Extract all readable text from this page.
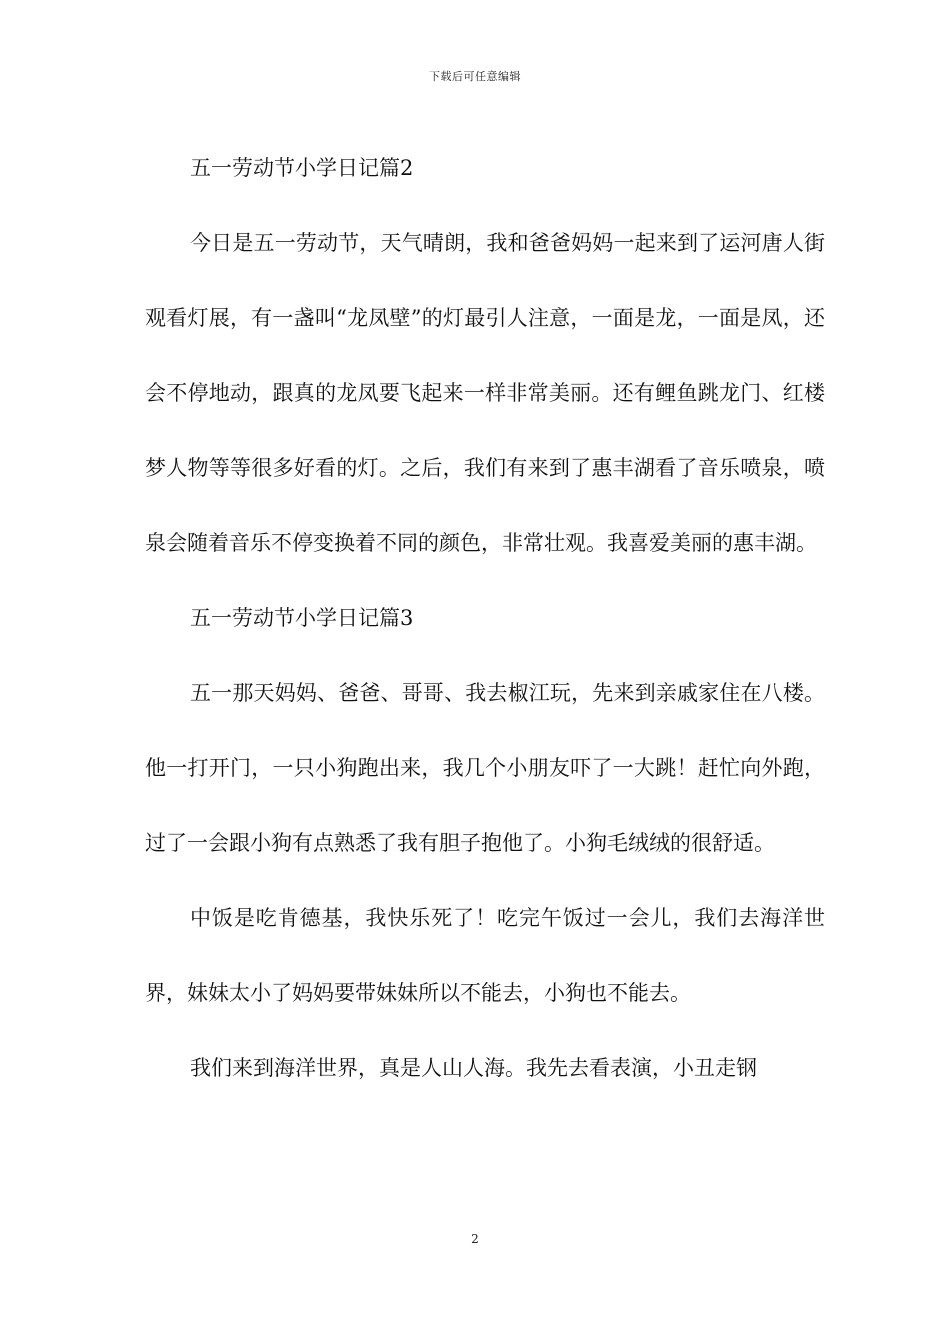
下载后可任意编辑

五一劳动节小学日记篇2

今日是五一劳动节，天气晴朗，我和爸爸妈妈一起来到了运河唐人街观看灯展，有一盏叫“龙凤壁”的灯最引人注意，一面是龙，一面是凤，还会不停地动，跟真的龙凤要飞起来一样非常美丽。还有鲤鱼跳龙门、红楼梦人物等等很多好看的灯。之后，我们有来到了惠丰湖看了音乐喷泉，喷泉会随着音乐不停变换着不同的颜色，非常壮观。我喜爱美丽的惠丰湖。

五一劳动节小学日记篇3

五一那天妈妈、爸爸、哥哥、我去椒江玩，先来到亲戚家住在八楼。他一打开门，一只小狗跑出来，我几个小朋友吓了一大跳！赶忙向外跑，过了一会跟小狗有点熟悉了我有胆子抱他了。小狗毛绒绒的很舒适。

中饭是吃肯德基，我快乐死了！吃完午饭过一会儿，我们去海洋世界，妹妹太小了妈妈要带妹妹所以不能去，小狗也不能去。

我们来到海洋世界，真是人山人海。我先去看表演，小丑走钢

2
